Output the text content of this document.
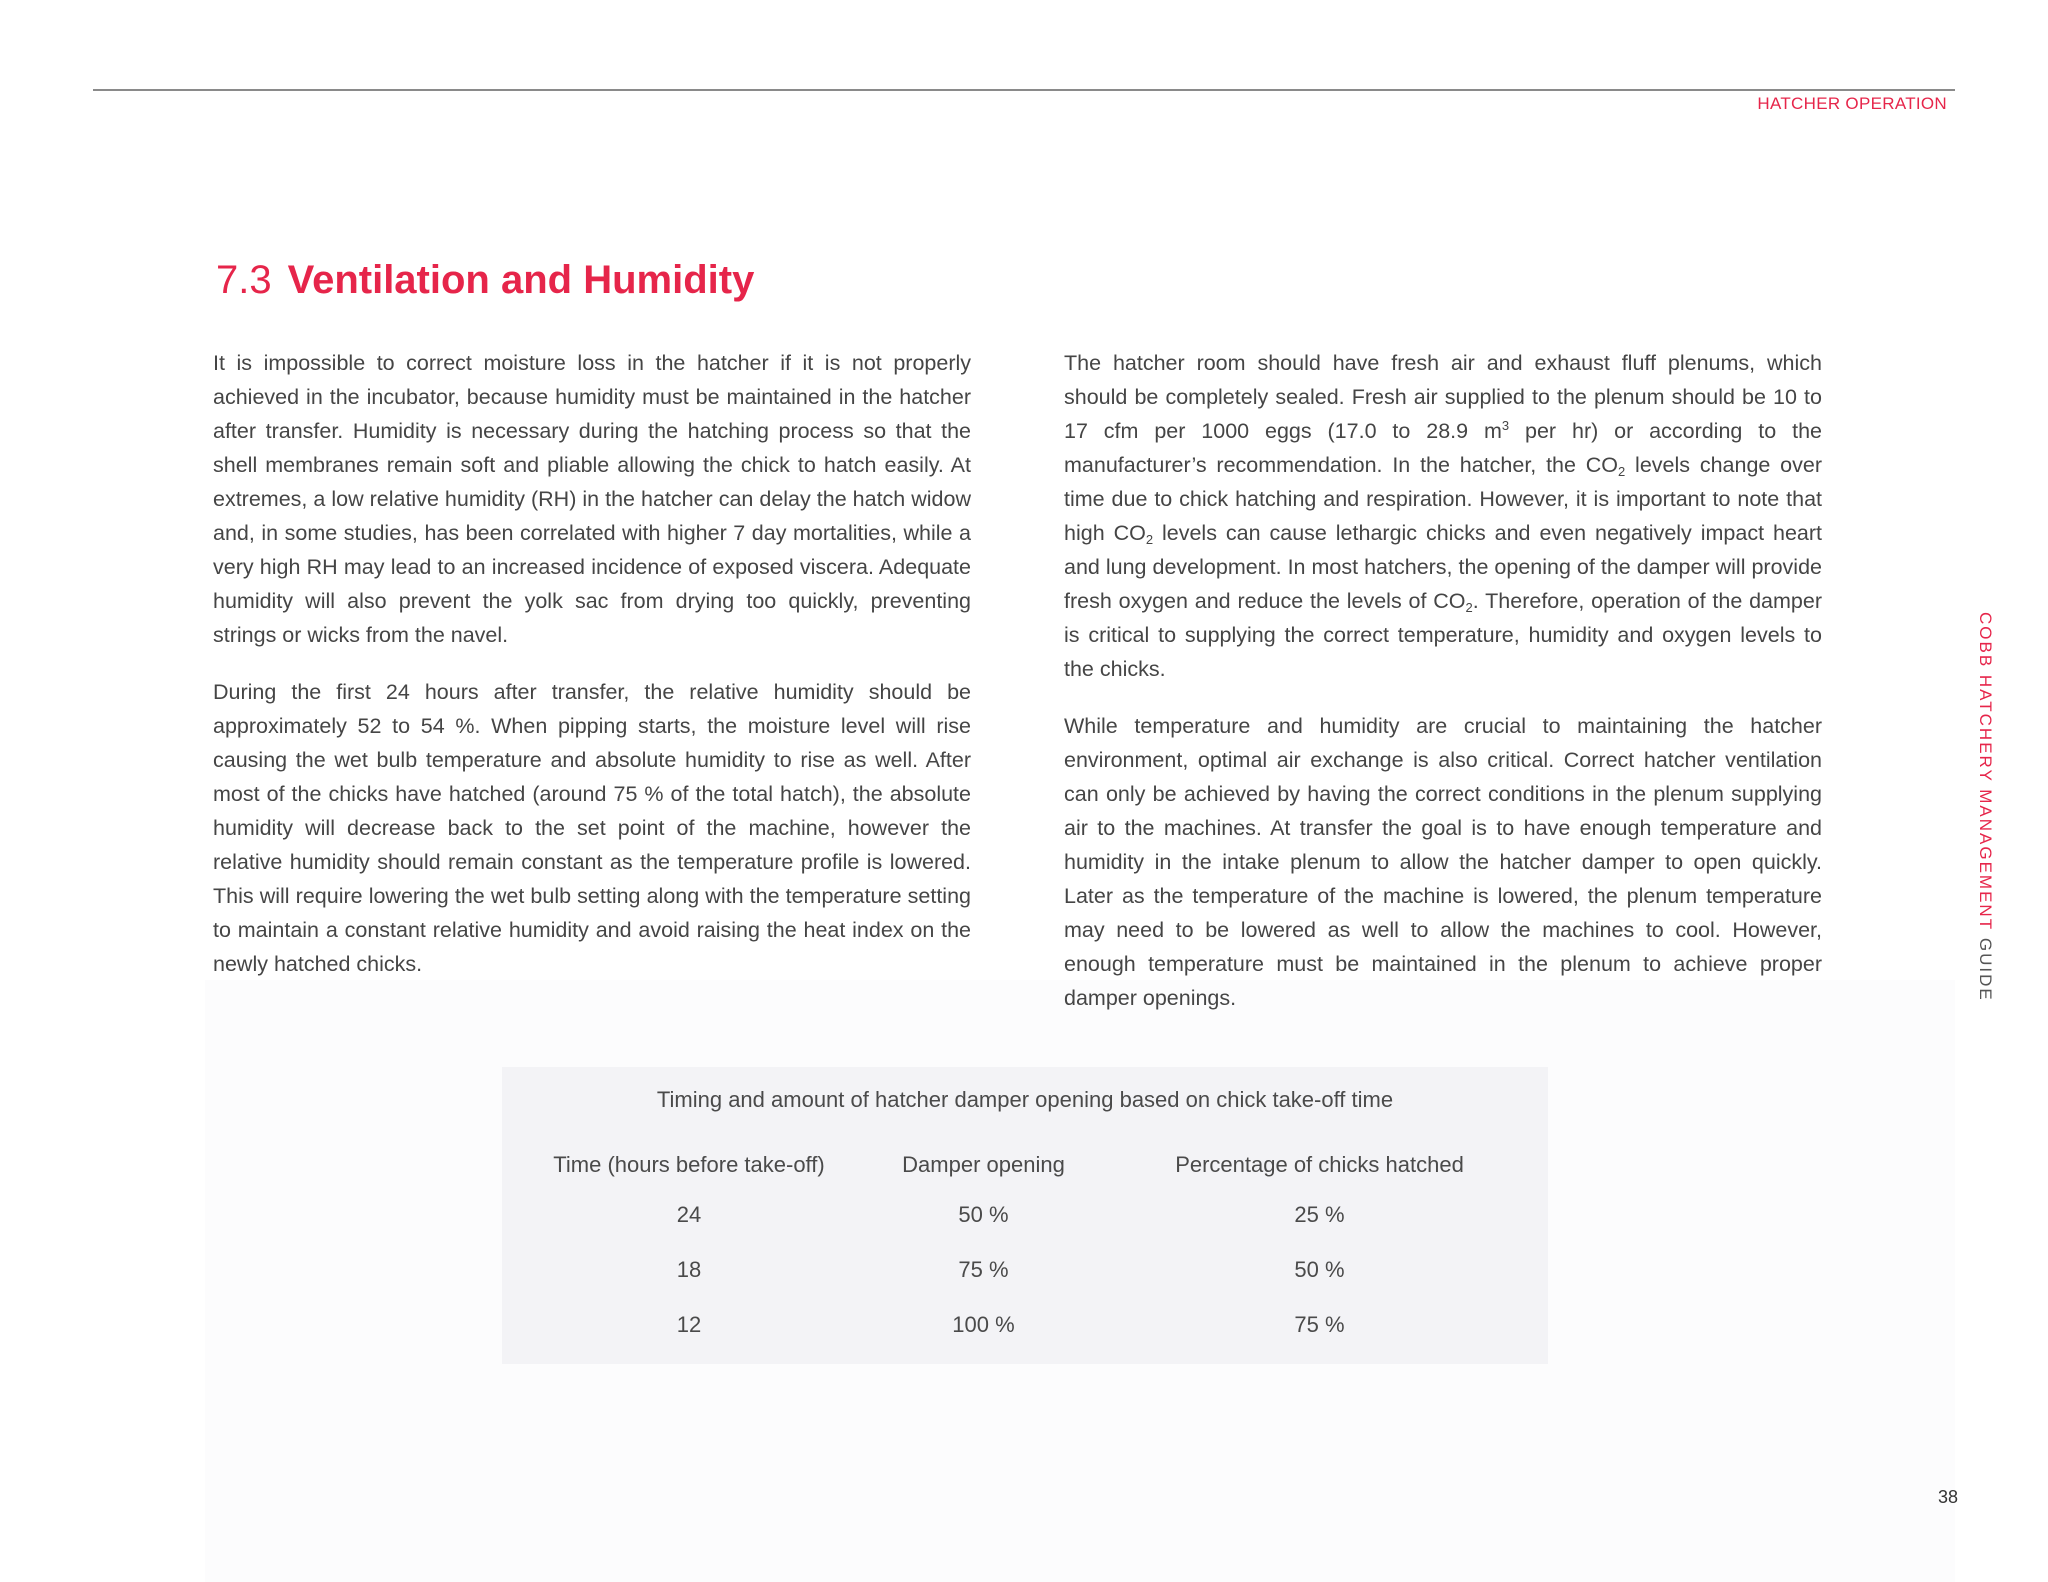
HATCHER OPERATION
COBB HATCHERY MANAGEMENT GUIDE
7.3 Ventilation and Humidity

It is impossible to correct moisture loss in the hatcher if it is not properly achieved in the incubator, because humidity must be maintained in the hatcher after transfer. Humidity is necessary during the hatching process so that the shell membranes remain soft and pliable allowing the chick to hatch easily. At extremes, a low relative humidity (RH) in the hatcher can delay the hatch widow and, in some studies, has been correlated with higher 7 day mortalities, while a very high RH may lead to an increased incidence of exposed viscera. Adequate humidity will also prevent the yolk sac from drying too quickly, preventing strings or wicks from the navel.

During the first 24 hours after transfer, the relative humidity should be approximately 52 to 54 %. When pipping starts, the moisture level will rise causing the wet bulb temperature and absolute humidity to rise as well. After most of the chicks have hatched (around 75 % of the total hatch), the absolute humidity will decrease back to the set point of the machine, however the relative humidity should remain constant as the temperature profile is lowered. This will require lowering the wet bulb setting along with the temperature setting to maintain a constant relative humidity and avoid raising the heat index on the newly hatched chicks.

The hatcher room should have fresh air and exhaust fluff plenums, which should be completely sealed. Fresh air supplied to the plenum should be 10 to 17 cfm per 1000 eggs (17.0 to 28.9 $m^3$ per hr) or according to the manufacturer’s recommendation. In the hatcher, the $CO_2$ levels change over time due to chick hatching and respiration. However, it is important to note that high $CO_2$ levels can cause lethargic chicks and even negatively impact heart and lung development. In most hatchers, the opening of the damper will provide fresh oxygen and reduce the levels of $CO_2$. Therefore, operation of the damper is critical to supplying the correct temperature, humidity and oxygen levels to the chicks.

While temperature and humidity are crucial to maintaining the hatcher environment, optimal air exchange is also critical. Correct hatcher ventilation can only be achieved by having the correct conditions in the plenum supplying air to the machines. At transfer the goal is to have enough temperature and humidity in the intake plenum to allow the hatcher damper to open quickly. Later as the temperature of the machine is lowered, the plenum temperature may need to be lowered as well to allow the machines to cool. However, enough temperature must be maintained in the plenum to achieve proper damper openings.

Timing and amount of hatcher damper opening based on chick take-off time
Time (hours before take-off)	Damper opening	Percentage of chicks hatched
24	50 %	25 %
18	75 %	50 %
12	100 %	75 %
38
